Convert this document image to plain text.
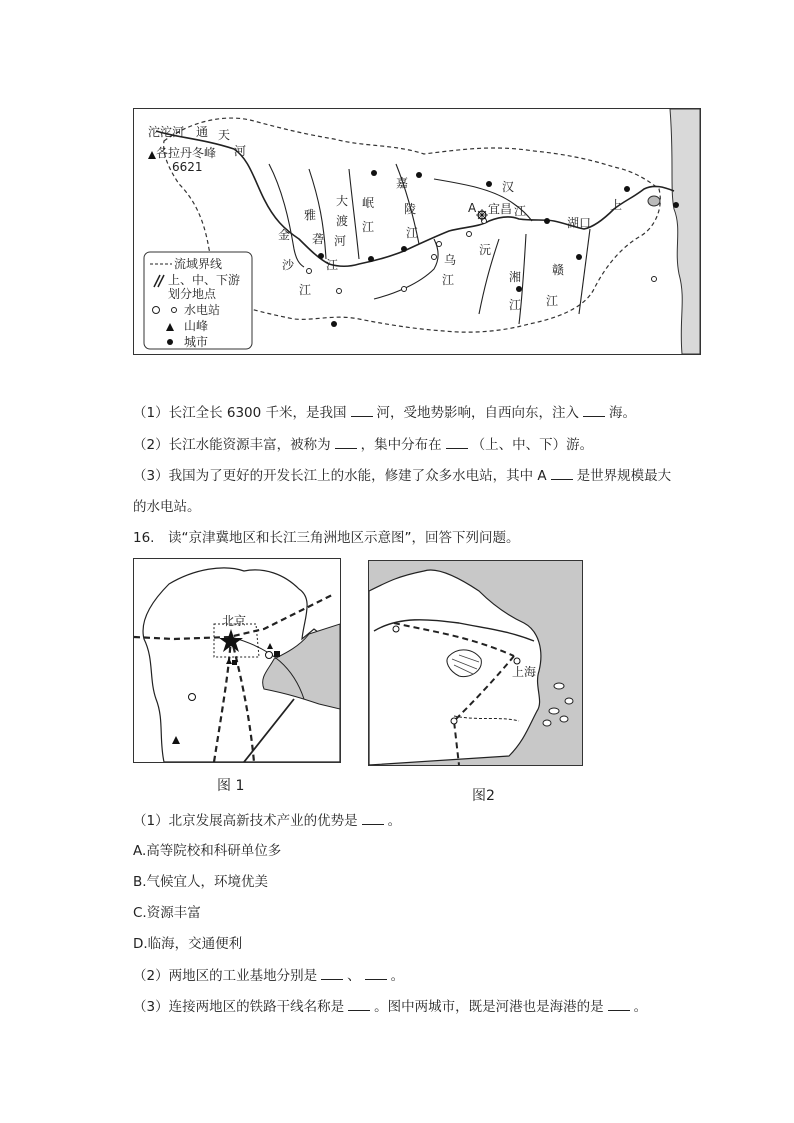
沱沱河 通 天
河
各拉丹冬峰
6621
雅
砻
大
渡
河
江
金
沙
江
岷
江
嘉
陵
江
乌
江
沅
湘
江
赣
江
汉
江
A 宜昌
湖口
上
流域界线
上、中、下游
划分地点
水电站
山峰
城市
（1）长江全长 6300 千米，是我国 河，受地势影响，自西向东，注入 海。
（2）长江水能资源丰富，被称为 ，集中分布在 （上、中、下）游。
（3）我国为了更好的开发长江上的水能，修建了众多水电站，其中 A 是世界规模最大
的水电站。
16.　读“京津冀地区和长江三角洲地区示意图”，回答下列问题。
北京
上海
图 1
图2
（1）北京发展高新技术产业的优势是 。
A.高等院校和科研单位多
B.气候宜人，环境优美
C.资源丰富
D.临海，交通便利
（2）两地区的工业基地分别是 、 。
（3）连接两地区的铁路干线名称是 。图中两城市，既是河港也是海港的是 。
